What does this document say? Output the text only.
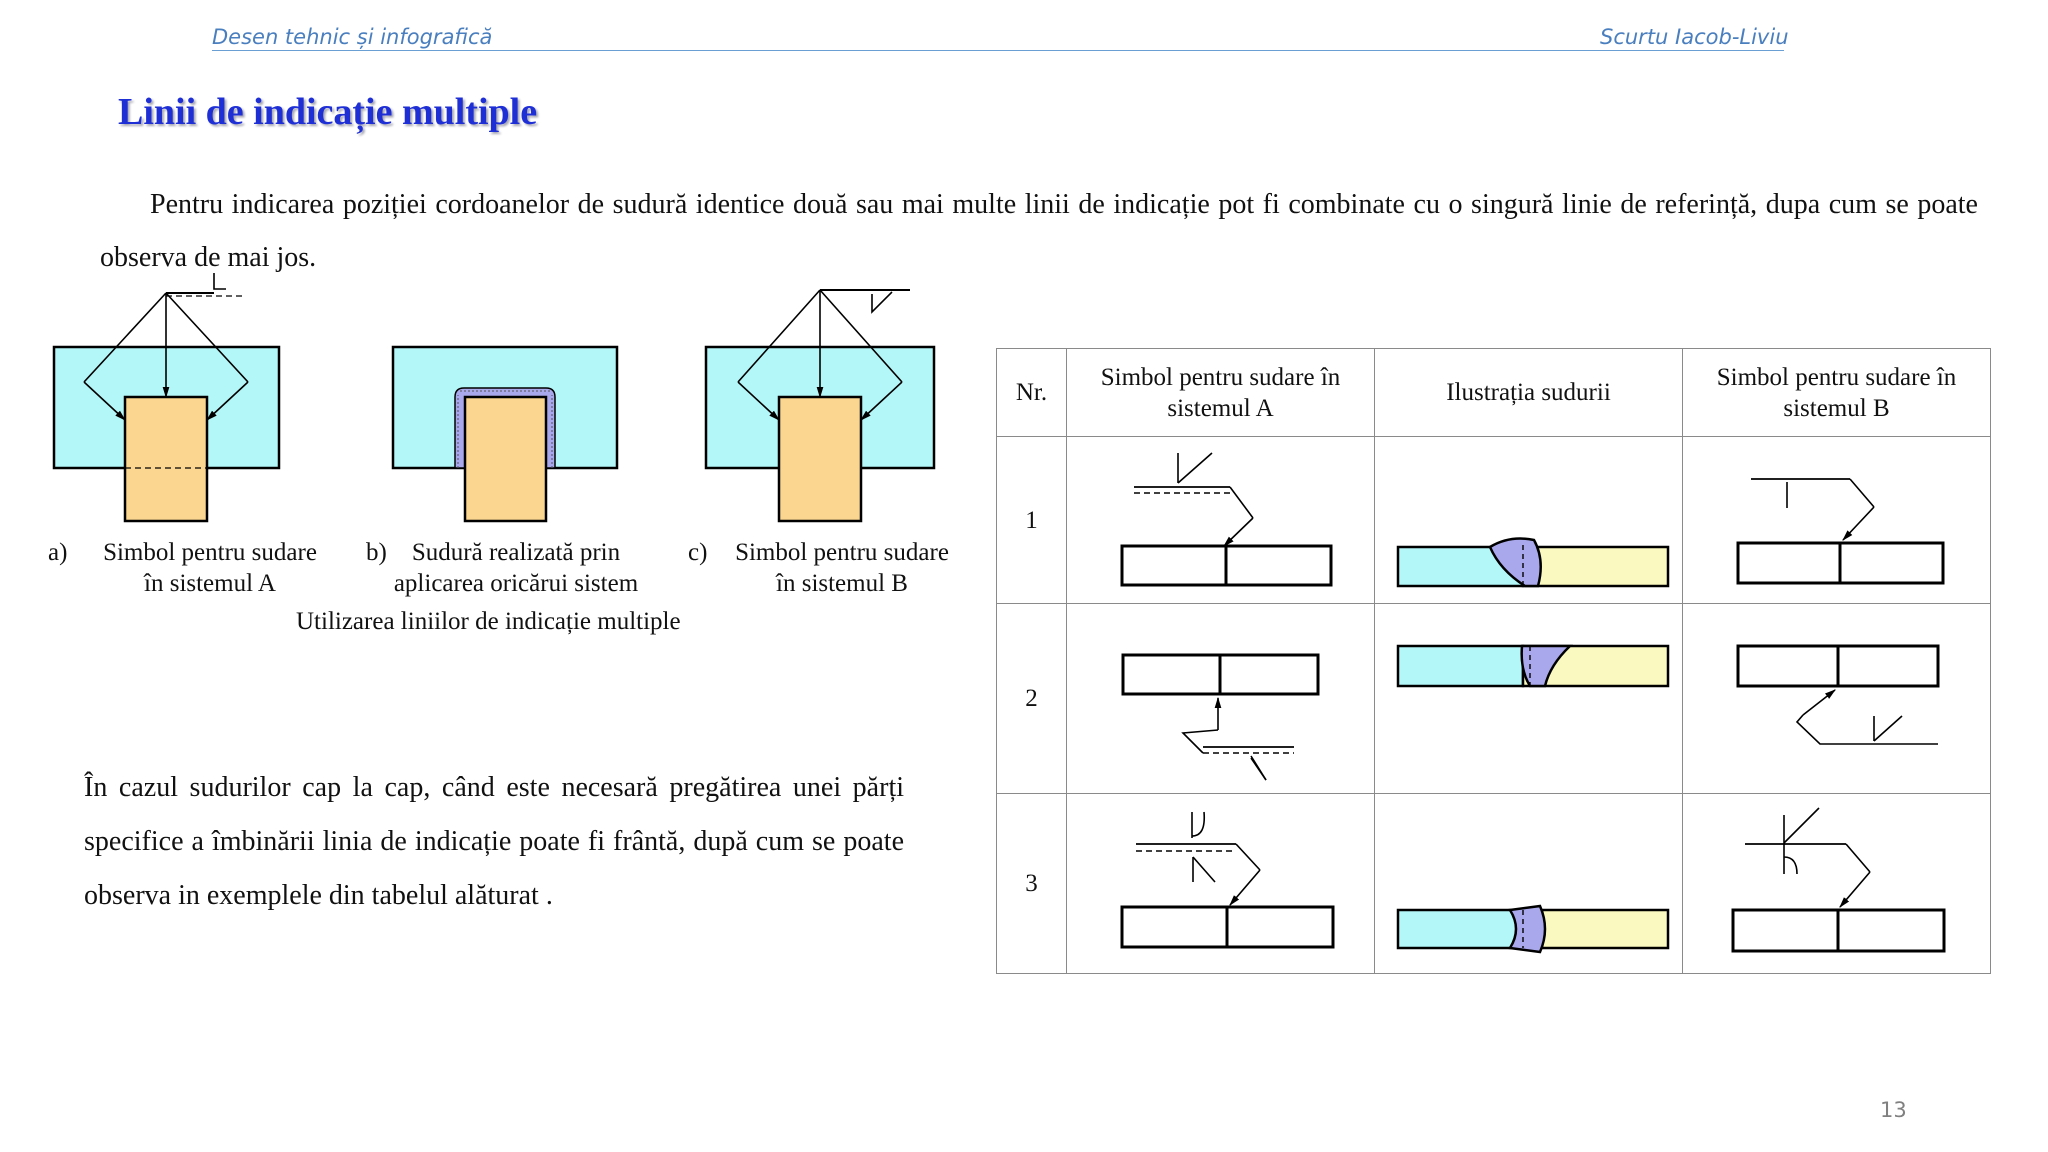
Desen tehnic și infografică	Scurtu Iacob-Liviu
Linii de indicație multiple
Pentru indicarea poziției cordoanelor de sudură identice două sau mai multe linii de indicație pot fi combinate cu o singură linie de referință, dupa cum se poate observa de mai jos.
a)	Simbol pentru sudare
în sistemul A
b)	Sudură realizată prin
aplicarea oricărui sistem
c)	Simbol pentru sudare
în sistemul B
Utilizarea liniilor de indicație multiple
În cazul sudurilor cap la cap, când este necesară pregătirea unei părți specifice a îmbinării linia de indicație poate fi frântă, după cum se poate observa in exemplele din tabelul alăturat .
Nr.	Simbol pentru sudare în sistemul A	Ilustrația sudurii	Simbol pentru sudare în sistemul B
1			
2			
3			
13
